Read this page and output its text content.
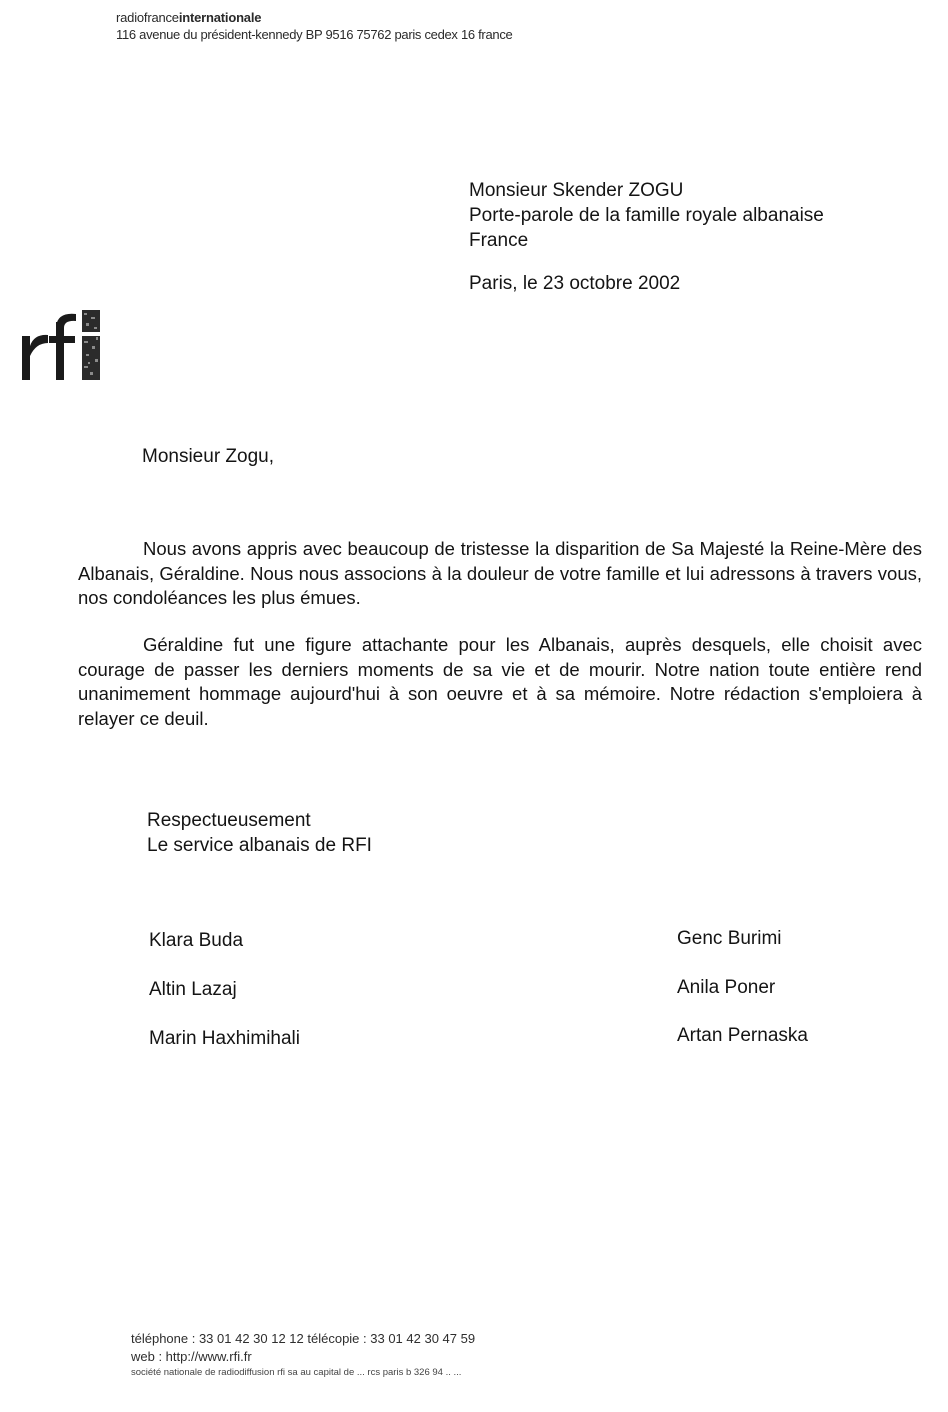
radiofranceinternationale
116 avenue du président-kennedy BP 9516 75762 paris cedex 16 france
Monsieur Skender ZOGU
Porte-parole de la famille royale albanaise
France
Paris, le 23 octobre 2002
Monsieur Zogu,
Nous avons appris avec beaucoup de tristesse la disparition de Sa Majesté la Reine-Mère des Albanais, Géraldine. Nous nous associons à la douleur de votre famille et lui adressons à travers vous, nos condoléances les plus émues.
Géraldine fut une figure attachante pour les Albanais, auprès desquels, elle choisit avec courage de passer les derniers moments de sa vie et de mourir. Notre nation toute entière rend unanimement hommage aujourd'hui à son oeuvre et à sa mémoire. Notre rédaction s'emploiera à relayer ce deuil.
Respectueusement
Le service albanais de RFI
Klara Buda
Altin Lazaj
Marin Haxhimihali
Genc Burimi
Anila Poner
Artan Pernaska
téléphone : 33 01 42 30 12 12 télécopie : 33 01 42 30 47 59
web : http://www.rfi.fr
société nationale de radiodiffusion rfi sa au capital de ... rcs paris b 326 94 .. ...
